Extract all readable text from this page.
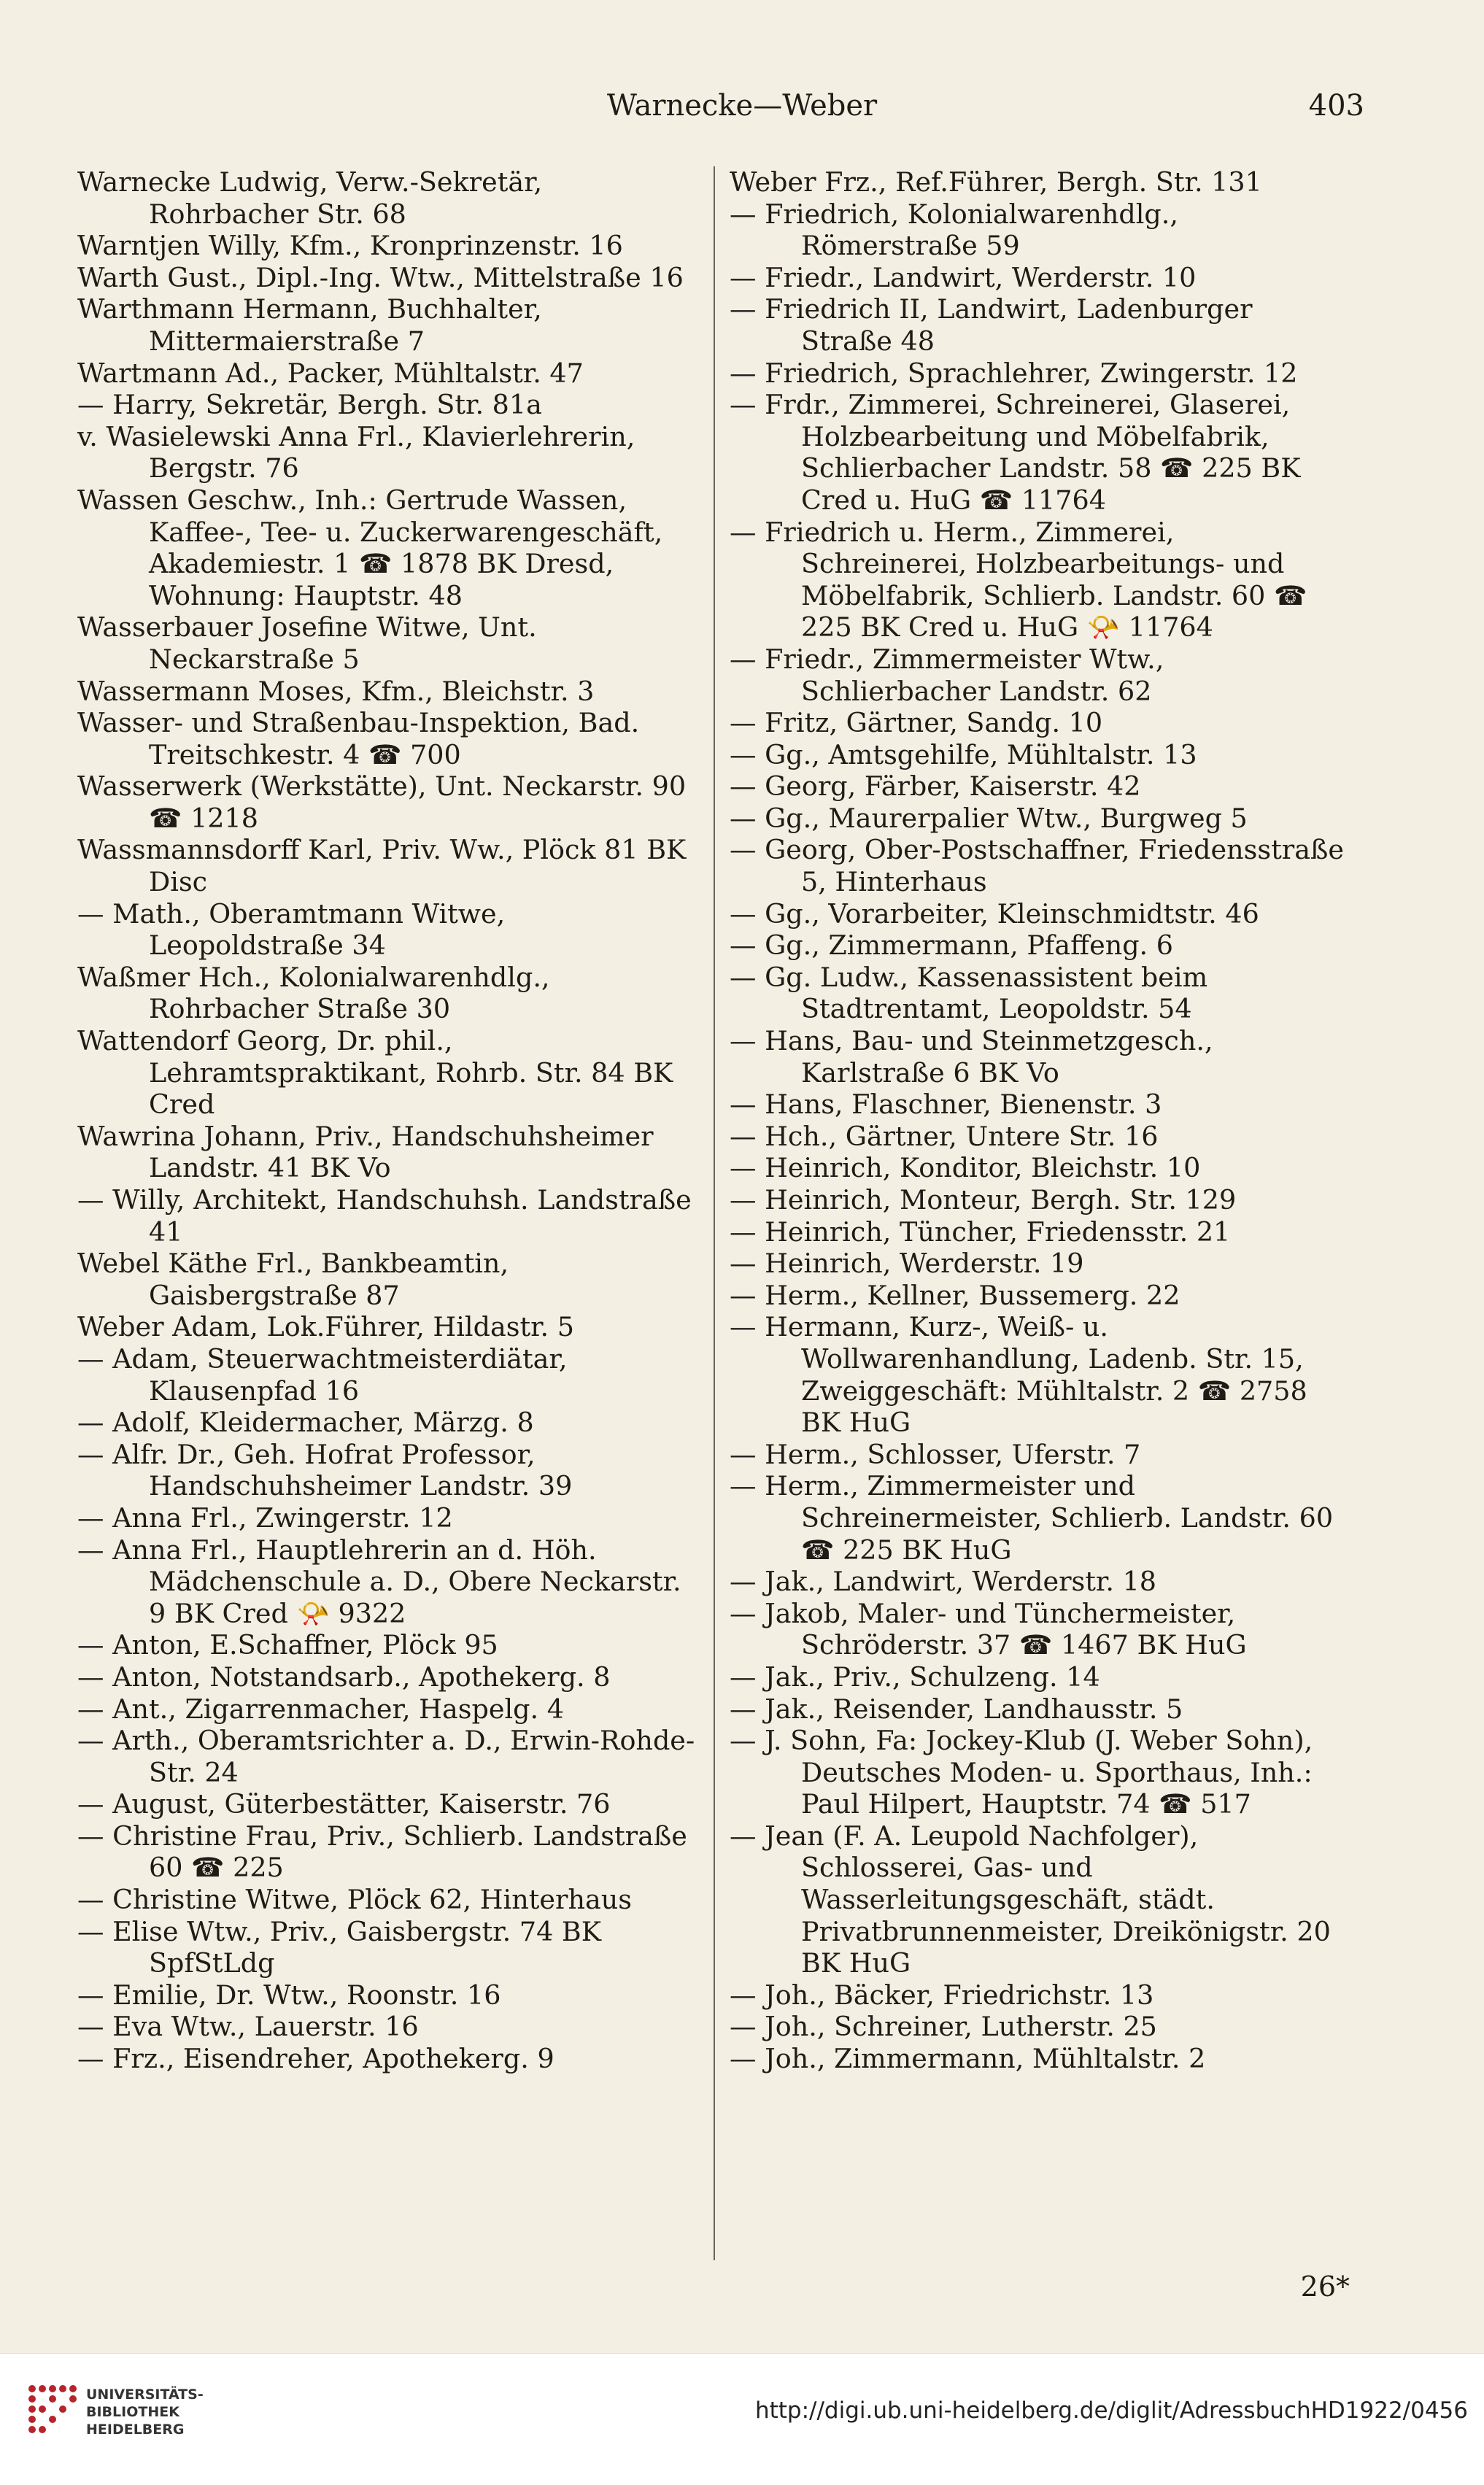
Warnecke—Weber	403
Warnecke Ludwig, Verw.-Sekretär, Rohrbacher Str. 68
Warntjen Willy, Kfm., Kronprinzenstr. 16
Warth Gust., Dipl.-Ing. Wtw., Mittelstraße 16
Warthmann Hermann, Buchhalter, Mittermaierstraße 7
Wartmann Ad., Packer, Mühltalstr. 47
— Harry, Sekretär, Bergh. Str. 81a
v. Wasielewski Anna Frl., Klavierlehrerin, Bergstr. 76
Wassen Geschw., Inh.: Gertrude Wassen, Kaffee-, Tee- u. Zuckerwarengeschäft, Akademiestr. 1 ☎ 1878 BK Dresd, Wohnung: Hauptstr. 48
Wasserbauer Josefine Witwe, Unt. Neckarstraße 5
Wassermann Moses, Kfm., Bleichstr. 3
Wasser- und Straßenbau-Inspektion, Bad. Treitschkestr. 4 ☎ 700
Wasserwerk (Werkstätte), Unt. Neckarstr. 90 ☎ 1218
Wassmannsdorff Karl, Priv. Ww., Plöck 81 BK Disc
— Math., Oberamtmann Witwe, Leopoldstraße 34
Waßmer Hch., Kolonialwarenhdlg., Rohrbacher Straße 30
Wattendorf Georg, Dr. phil., Lehramtspraktikant, Rohrb. Str. 84 BK Cred
Wawrina Johann, Priv., Handschuhsheimer Landstr. 41 BK Vo
— Willy, Architekt, Handschuhsh. Landstraße 41
Webel Käthe Frl., Bankbeamtin, Gaisbergstraße 87
Weber Adam, Lok.Führer, Hildastr. 5
— Adam, Steuerwachtmeisterdiätar, Klausenpfad 16
— Adolf, Kleidermacher, Märzg. 8
— Alfr. Dr., Geh. Hofrat Professor, Handschuhsheimer Landstr. 39
— Anna Frl., Zwingerstr. 12
— Anna Frl., Hauptlehrerin an d. Höh. Mädchenschule a. D., Obere Neckarstr. 9 BK Cred 📯 9322
— Anton, E.Schaffner, Plöck 95
— Anton, Notstandsarb., Apothekerg. 8
— Ant., Zigarrenmacher, Haspelg. 4
— Arth., Oberamtsrichter a. D., Erwin-Rohde-Str. 24
— August, Güterbestätter, Kaiserstr. 76
— Christine Frau, Priv., Schlierb. Landstraße 60 ☎ 225
— Christine Witwe, Plöck 62, Hinterhaus
— Elise Wtw., Priv., Gaisbergstr. 74 BK SpfStLdg
— Emilie, Dr. Wtw., Roonstr. 16
— Eva Wtw., Lauerstr. 16
— Frz., Eisendreher, Apothekerg. 9
Weber Frz., Ref.Führer, Bergh. Str. 131
— Friedrich, Kolonialwarenhdlg., Römerstraße 59
— Friedr., Landwirt, Werderstr. 10
— Friedrich II, Landwirt, Ladenburger Straße 48
— Friedrich, Sprachlehrer, Zwingerstr. 12
— Frdr., Zimmerei, Schreinerei, Glaserei, Holzbearbeitung und Möbelfabrik, Schlierbacher Landstr. 58 ☎ 225 BK Cred u. HuG ☎ 11764
— Friedrich u. Herm., Zimmerei, Schreinerei, Holzbearbeitungs- und Möbelfabrik, Schlierb. Landstr. 60 ☎ 225 BK Cred u. HuG 📯 11764
— Friedr., Zimmermeister Wtw., Schlierbacher Landstr. 62
— Fritz, Gärtner, Sandg. 10
— Gg., Amtsgehilfe, Mühltalstr. 13
— Georg, Färber, Kaiserstr. 42
— Gg., Maurerpalier Wtw., Burgweg 5
— Georg, Ober-Postschaffner, Friedensstraße 5, Hinterhaus
— Gg., Vorarbeiter, Kleinschmidtstr. 46
— Gg., Zimmermann, Pfaffeng. 6
— Gg. Ludw., Kassenassistent beim Stadtrentamt, Leopoldstr. 54
— Hans, Bau- und Steinmetzgesch., Karlstraße 6 BK Vo
— Hans, Flaschner, Bienenstr. 3
— Hch., Gärtner, Untere Str. 16
— Heinrich, Konditor, Bleichstr. 10
— Heinrich, Monteur, Bergh. Str. 129
— Heinrich, Tüncher, Friedensstr. 21
— Heinrich, Werderstr. 19
— Herm., Kellner, Bussemerg. 22
— Hermann, Kurz-, Weiß- u. Wollwarenhandlung, Ladenb. Str. 15, Zweiggeschäft: Mühltalstr. 2 ☎ 2758 BK HuG
— Herm., Schlosser, Uferstr. 7
— Herm., Zimmermeister und Schreinermeister, Schlierb. Landstr. 60 ☎ 225 BK HuG
— Jak., Landwirt, Werderstr. 18
— Jakob, Maler- und Tünchermeister, Schröderstr. 37 ☎ 1467 BK HuG
— Jak., Priv., Schulzeng. 14
— Jak., Reisender, Landhausstr. 5
— J. Sohn, Fa: Jockey-Klub (J. Weber Sohn), Deutsches Moden- u. Sporthaus, Inh.: Paul Hilpert, Hauptstr. 74 ☎ 517
— Jean (F. A. Leupold Nachfolger), Schlosserei, Gas- und Wasserleitungsgeschäft, städt. Privatbrunnenmeister, Dreikönigstr. 20 BK HuG
— Joh., Bäcker, Friedrichstr. 13
— Joh., Schreiner, Lutherstr. 25
— Joh., Zimmermann, Mühltalstr. 2
26*
UNIVERSITÄTS-
BIBLIOTHEK
HEIDELBERG
http://digi.ub.uni-heidelberg.de/diglit/AdressbuchHD1922/0456
